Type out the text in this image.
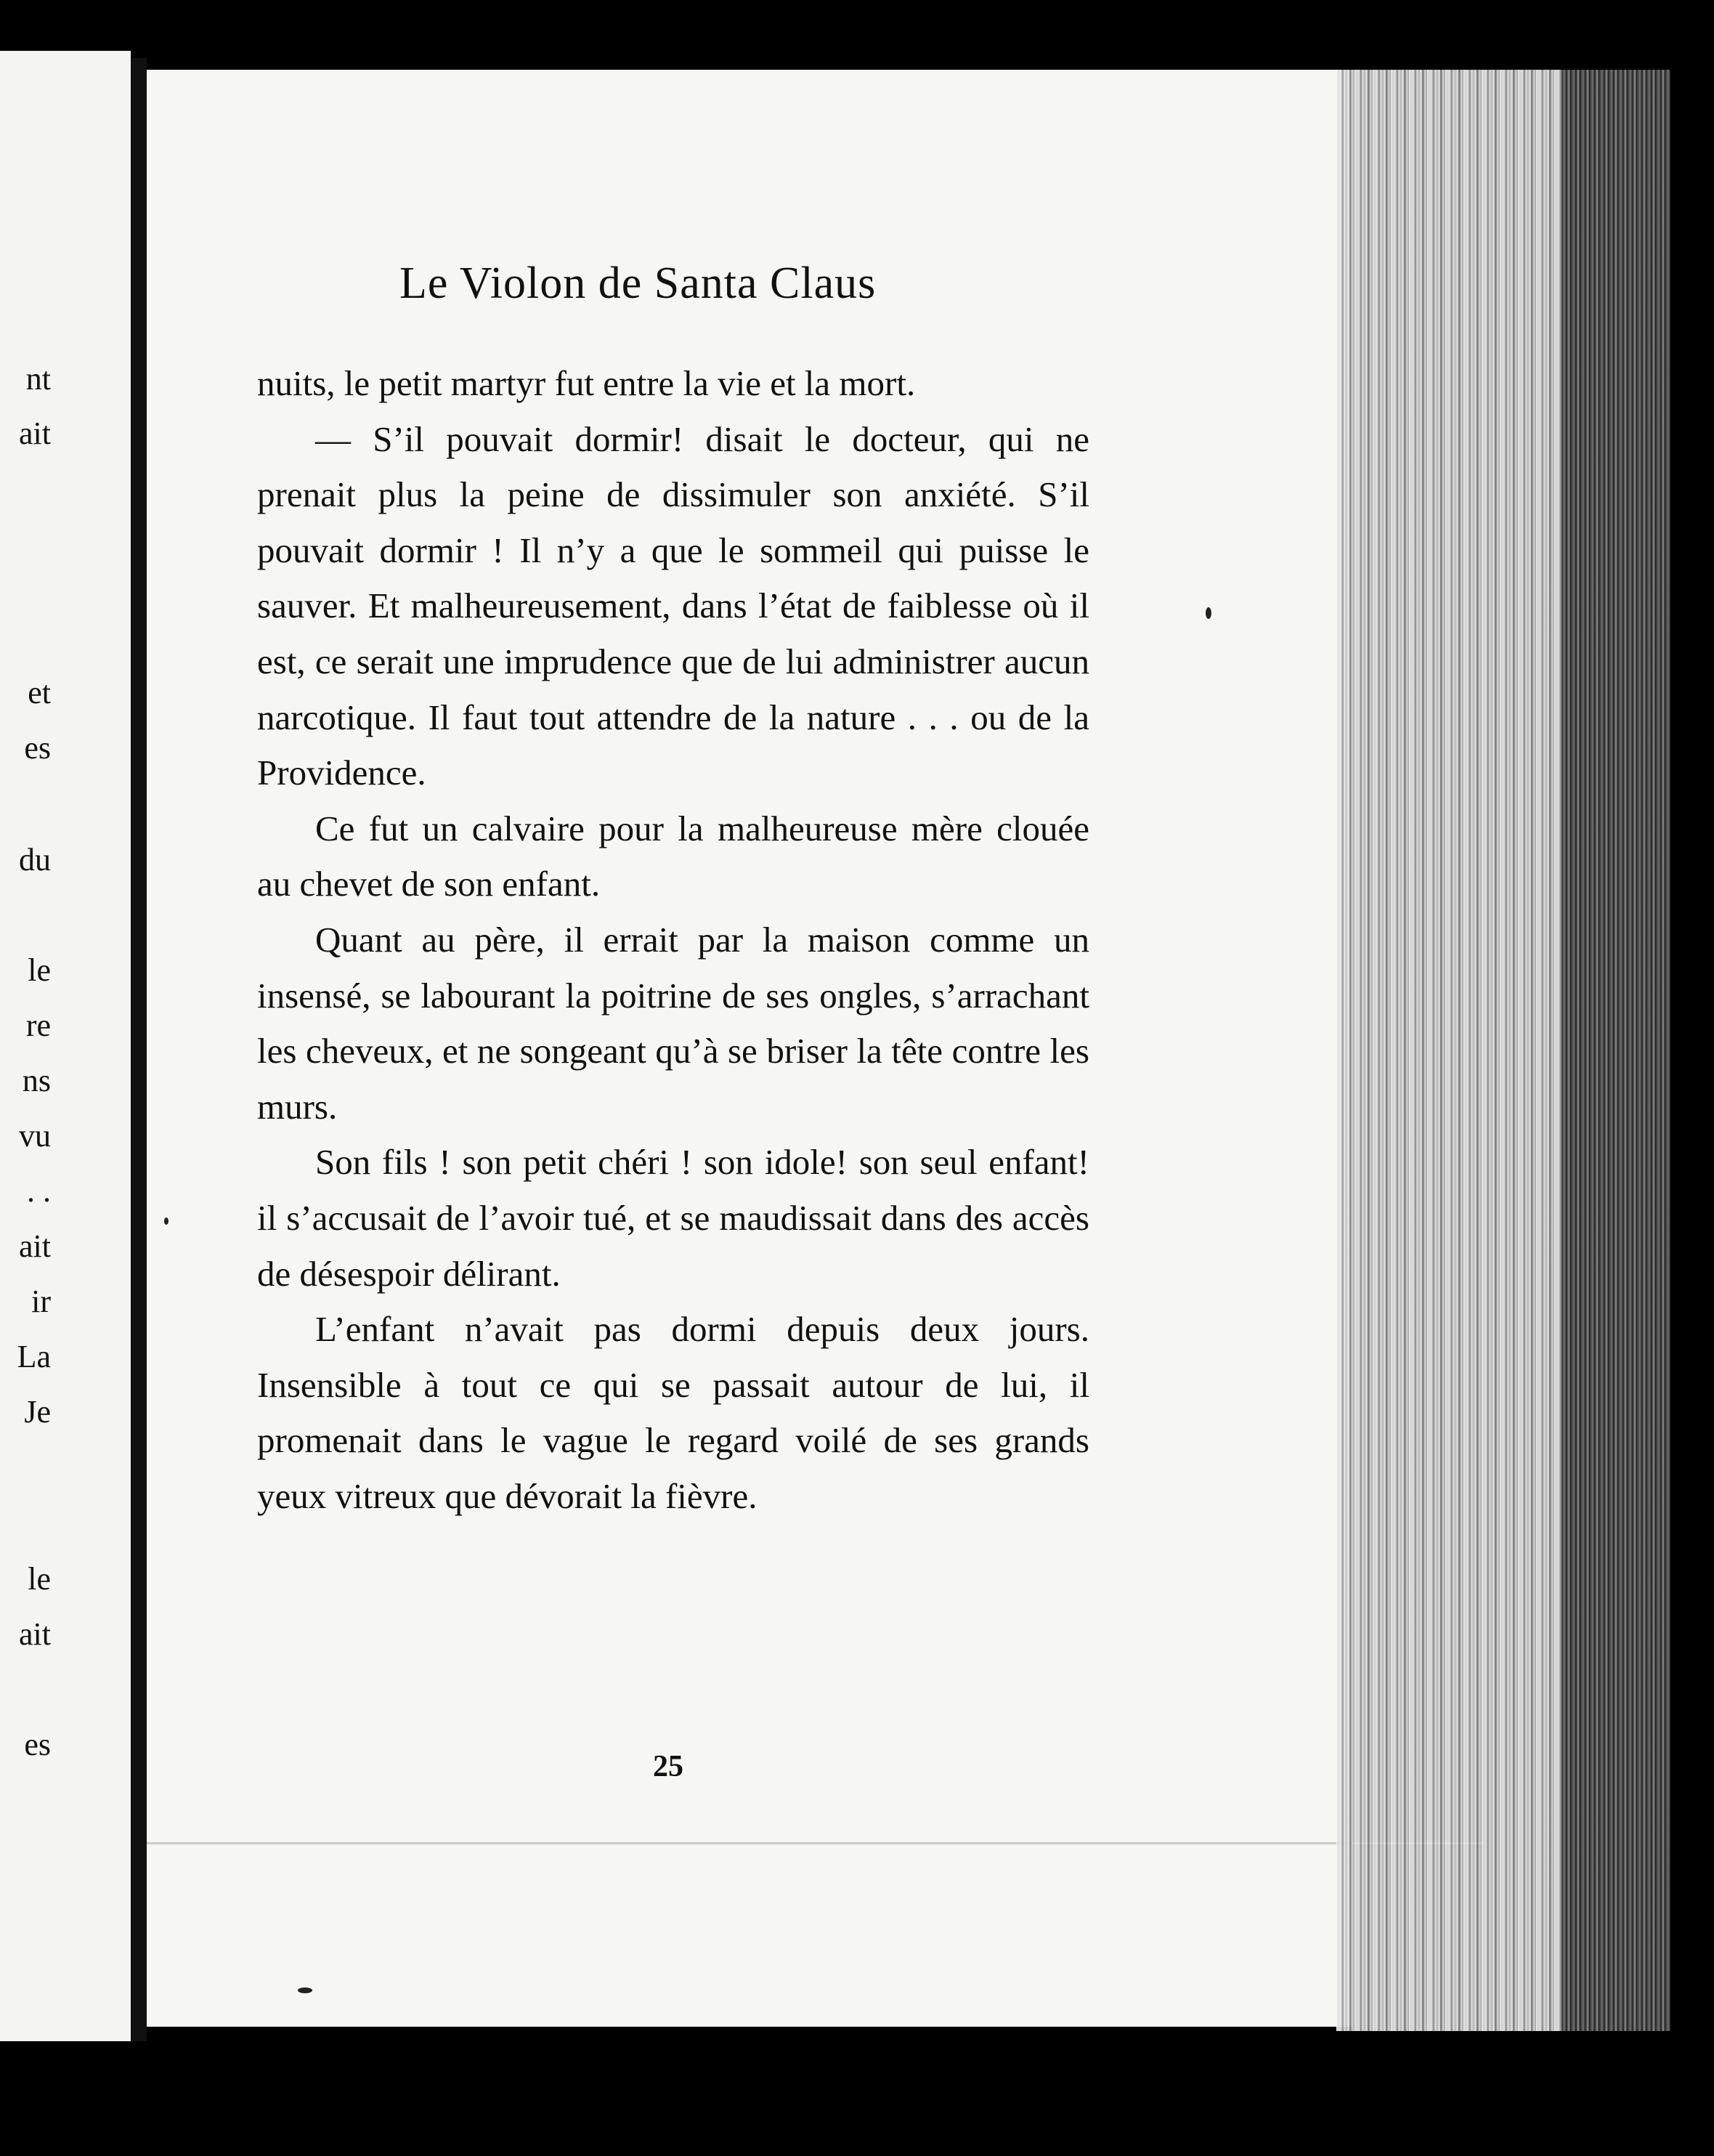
nt
ait
et
es
du
le
re
ns
vu
. .
ait
ir
La
Je
le
ait
es
Le Violon de Santa Claus

nuits, le petit martyr fut entre la vie et la mort.

— S’il pouvait dormir! disait le docteur, qui ne prenait plus la peine de dissimuler son anxiété. S’il pouvait dormir ! Il n’y a que le sommeil qui puisse le sauver. Et malheureusement, dans l’état de faiblesse où il est, ce serait une imprudence que de lui administrer aucun narcotique. Il faut tout attendre de la nature . . . ou de la Providence.

Ce fut un calvaire pour la malheureuse mère clouée au chevet de son enfant.

Quant au père, il errait par la maison comme un insensé, se labourant la poitrine de ses ongles, s’arrachant les cheveux, et ne songeant qu’à se briser la tête contre les murs.

Son fils ! son petit chéri ! son idole! son seul enfant! il s’accusait de l’avoir tué, et se maudissait dans des accès de désespoir délirant.

L’enfant n’avait pas dormi depuis deux jours. Insensible à tout ce qui se passait autour de lui, il promenait dans le vague le regard voilé de ses grands yeux vitreux que dévorait la fièvre.

25
